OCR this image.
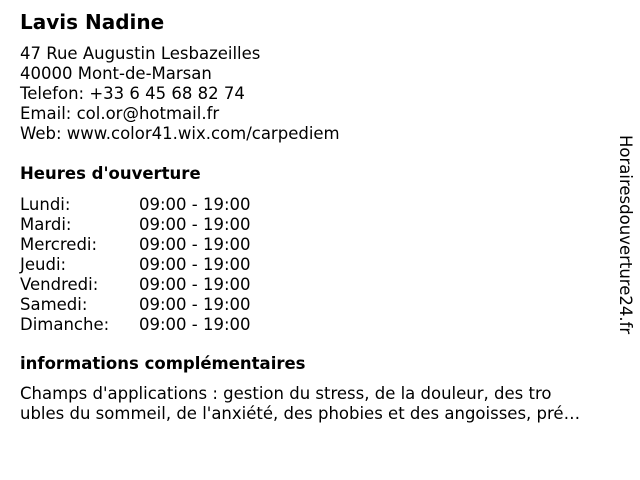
Lavis Nadine
47 Rue Augustin Lesbazeilles
40000 Mont-de-Marsan
Telefon: +33 6 45 68 82 74
Email: col.or@hotmail.fr
Web: www.color41.wix.com/carpediem
Heures d'ouverture
Lundi:	09:00 - 19:00
Mardi:	09:00 - 19:00
Mercredi:	09:00 - 19:00
Jeudi:	09:00 - 19:00
Vendredi: 09:00 - 19:00
Samedi:	09:00 - 19:00
Dimanche: 09:00 - 19:00
informations complémentaires
Champs d'applications : gestion du stress, de la douleur, des tro
ubles du sommeil, de l'anxiété, des phobies et des angoisses, pré…
Horairesdouverture24.fr
